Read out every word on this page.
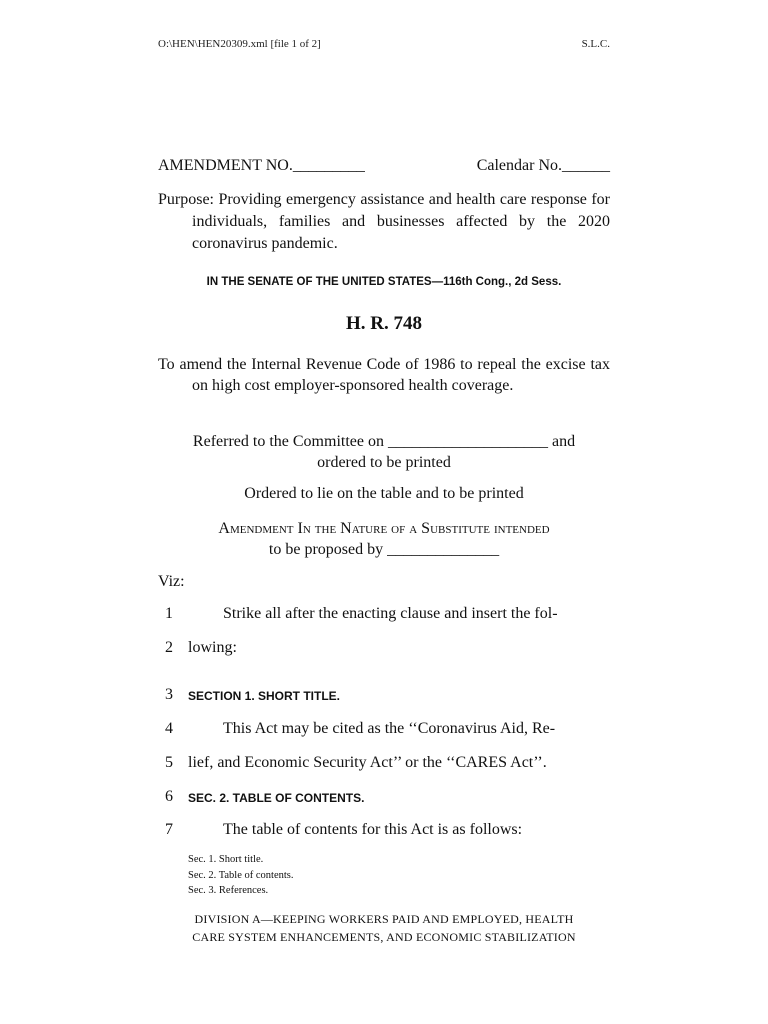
O:\HEN\HEN20309.xml [file 1 of 2]	S.L.C.
AMENDMENT NO._________	Calendar No.______
Purpose: Providing emergency assistance and health care response for individuals, families and businesses affected by the 2020 coronavirus pandemic.
IN THE SENATE OF THE UNITED STATES—116th Cong., 2d Sess.
H. R. 748
To amend the Internal Revenue Code of 1986 to repeal the excise tax on high cost employer-sponsored health coverage.
Referred to the Committee on ____________________ and
ordered to be printed
Ordered to lie on the table and to be printed
Amendment In the Nature of a Substitute intended
to be proposed by ______________
Viz:
1	Strike all after the enacting clause and insert the fol-
2 lowing:
3	SECTION 1. SHORT TITLE.
4	This Act may be cited as the ‘‘Coronavirus Aid, Re-
5 lief, and Economic Security Act’’ or the ‘‘CARES Act’’.
6	SEC. 2. TABLE OF CONTENTS.
7	The table of contents for this Act is as follows:
Sec. 1. Short title.
Sec. 2. Table of contents.
Sec. 3. References.
DIVISION A—KEEPING WORKERS PAID AND EMPLOYED, HEALTH
CARE SYSTEM ENHANCEMENTS, AND ECONOMIC STABILIZATION
